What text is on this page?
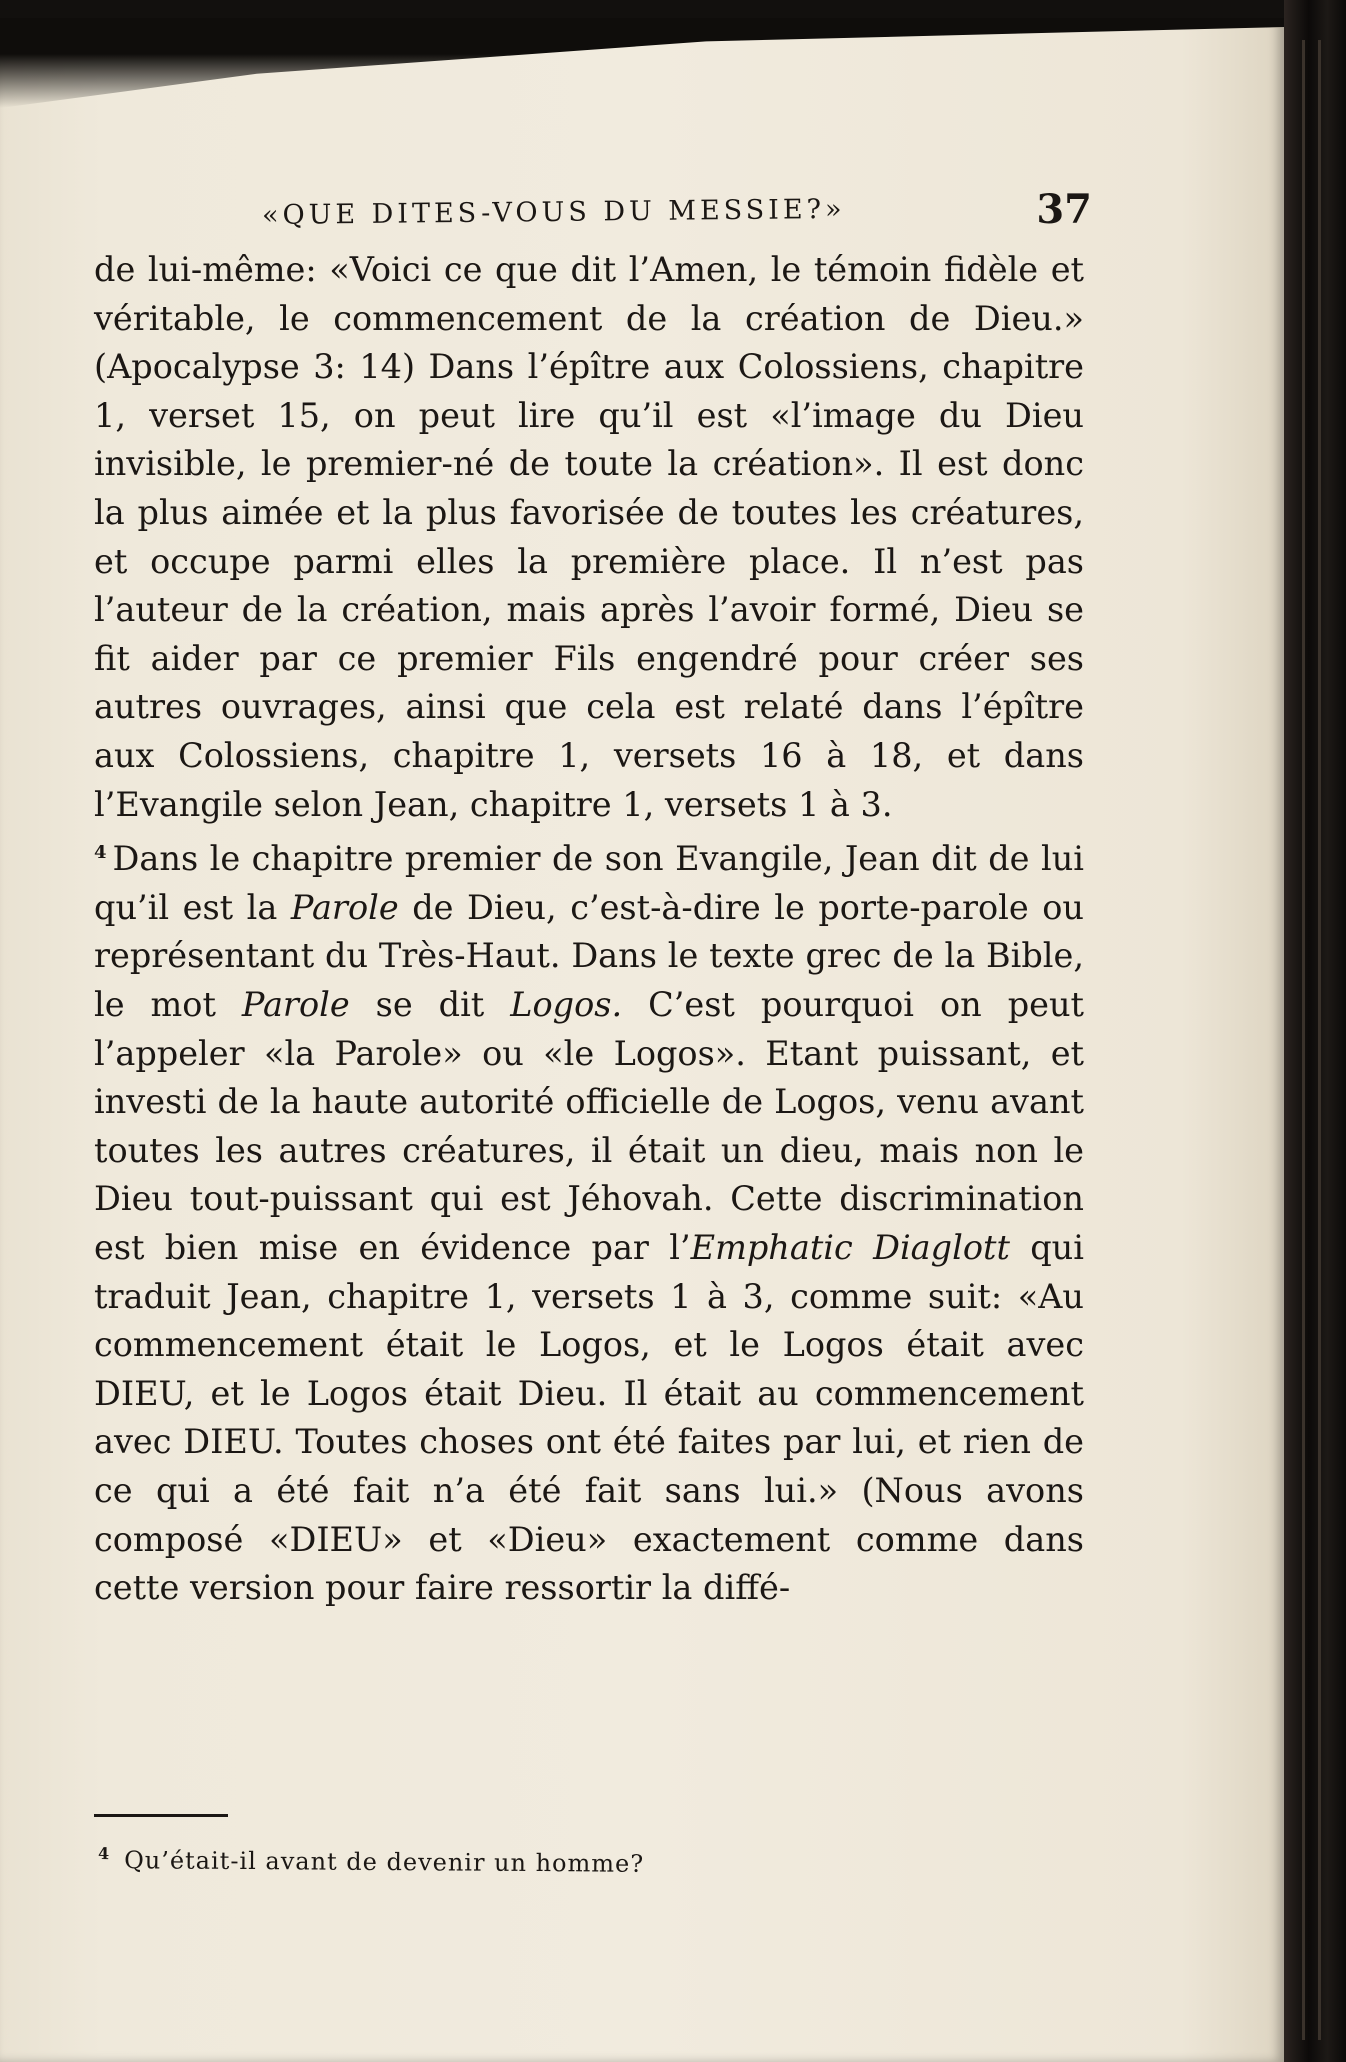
«QUE DITES-VOUS DU MESSIE?»	37

de lui-même: «Voici ce que dit l’Amen, le témoin fidèle et véritable, le commencement de la création de Dieu.» (Apocalypse 3: 14) Dans l’épître aux Colossiens, chapitre 1, verset 15, on peut lire qu’il est «l’image du Dieu invisible, le premier-né de toute la création». Il est donc la plus aimée et la plus favorisée de toutes les créatures, et occupe parmi elles la première place. Il n’est pas l’auteur de la création, mais après l’avoir formé, Dieu se fit aider par ce premier Fils engendré pour créer ses autres ouvrages, ainsi que cela est relaté dans l’épître aux Colossiens, chapitre 1, versets 16 à 18, et dans l’Evangile selon Jean, chapitre 1, versets 1 à 3.

$^4$ Dans le chapitre premier de son Evangile, Jean dit de lui qu’il est la Parole de Dieu, c’est-à-dire le porte-parole ou représentant du Très-Haut. Dans le texte grec de la Bible, le mot Parole se dit Logos. C’est pourquoi on peut l’appeler «la Parole» ou «le Logos». Etant puissant, et investi de la haute autorité officielle de Logos, venu avant toutes les autres créatures, il était un dieu, mais non le Dieu tout-puissant qui est Jéhovah. Cette discrimination est bien mise en évidence par l’Emphatic Diaglott qui traduit Jean, chapitre 1, versets 1 à 3, comme suit: «Au commencement était le Logos, et le Logos était avec DIEU, et le Logos était Dieu. Il était au commencement avec DIEU. Toutes choses ont été faites par lui, et rien de ce qui a été fait n’a été fait sans lui.» (Nous avons composé «DIEU» et «Dieu» exactement comme dans cette version pour faire ressortir la diffé-

$^4$ Qu’était-il avant de devenir un homme?
